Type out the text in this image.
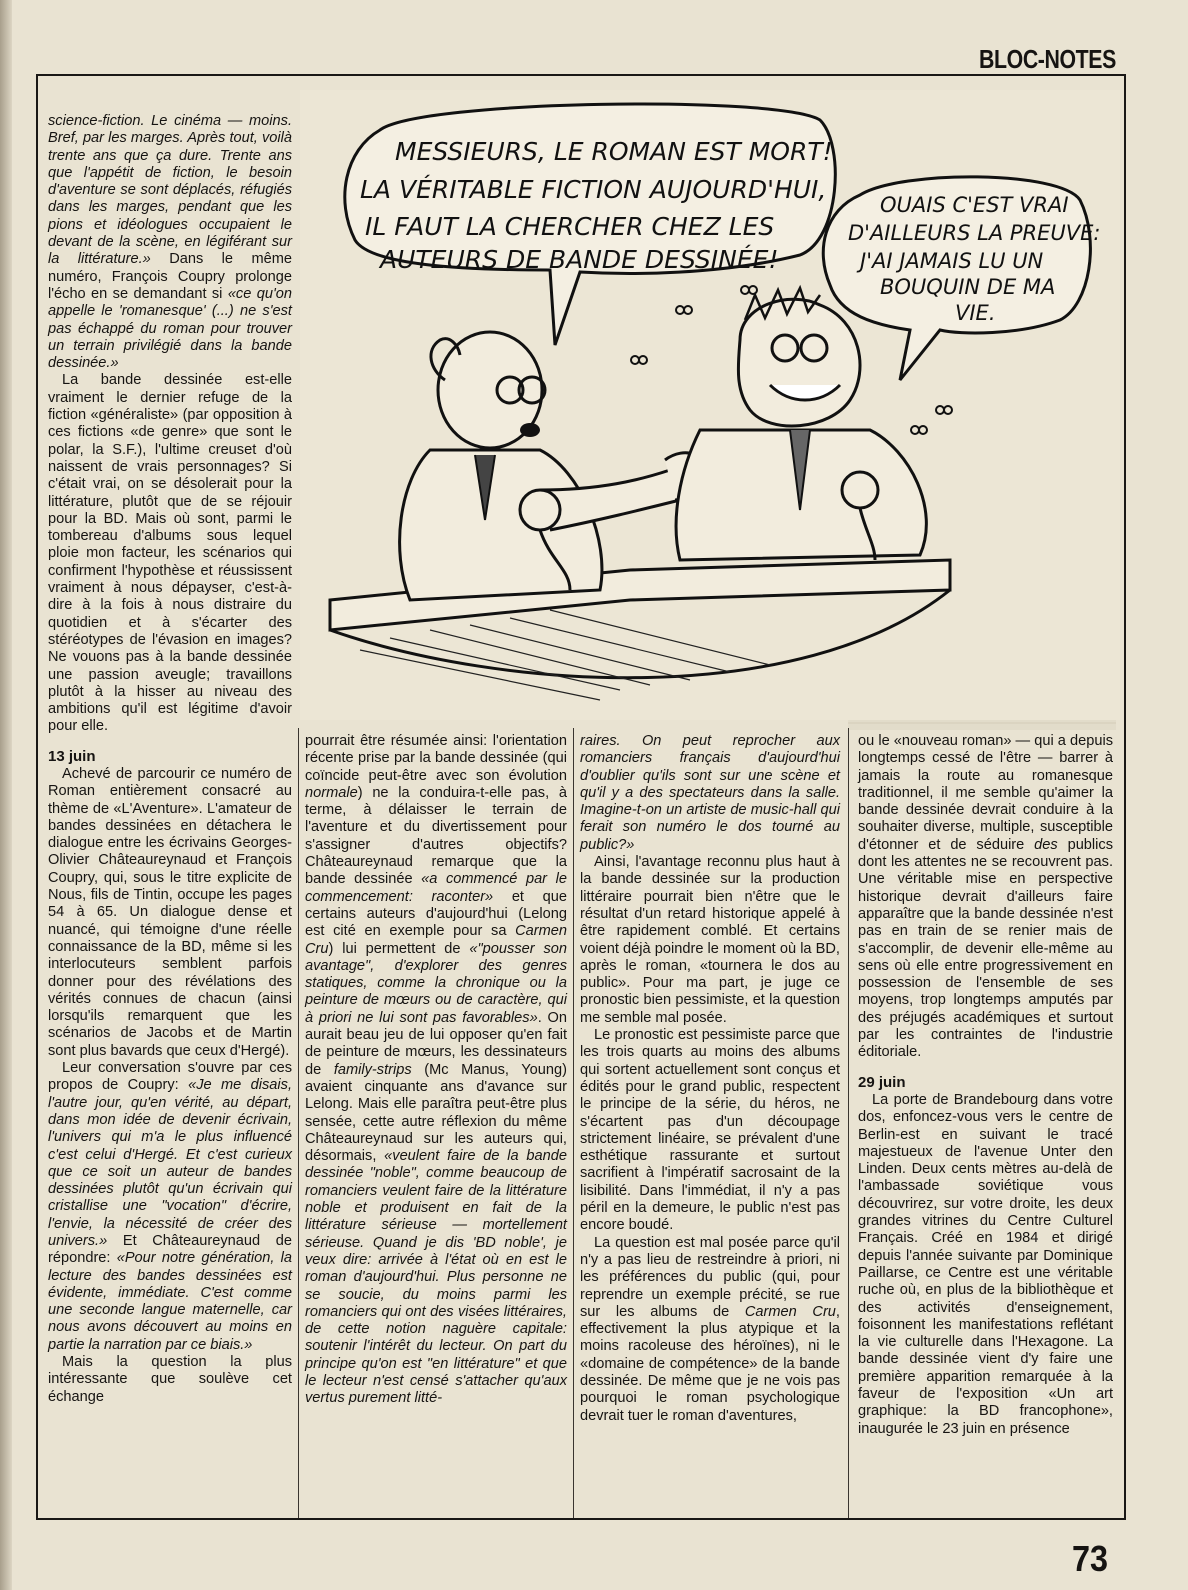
BLOC-NOTES

science-fiction. Le cinéma — moins. Bref, par les marges. Après tout, voilà trente ans que ça dure. Trente ans que l'appétit de fiction, le besoin d'aventure se sont déplacés, réfugiés dans les marges, pendant que les pions et idéologues occupaient le devant de la scène, en légiférant sur la littérature.» Dans le même numéro, François Coupry prolonge l'écho en se demandant si «ce qu'on appelle le 'romanesque' (...) ne s'est pas échappé du roman pour trouver un terrain privilégié dans la bande dessinée.»

La bande dessinée est-elle vraiment le dernier refuge de la fiction «généraliste» (par opposition à ces fictions «de genre» que sont le polar, la S.F.), l'ultime creuset d'où naissent de vrais personnages? Si c'était vrai, on se désolerait pour la littérature, plutôt que de se réjouir pour la BD. Mais où sont, parmi le tombereau d'albums sous lequel ploie mon facteur, les scénarios qui confirment l'hypothèse et réussissent vraiment à nous dépayser, c'est-à-dire à la fois à nous distraire du quotidien et à s'écarter des stéréotypes de l'évasion en images? Ne vouons pas à la bande dessinée une passion aveugle; travaillons plutôt à la hisser au niveau des ambitions qu'il est légitime d'avoir pour elle.

13 juin

Achevé de parcourir ce numéro de Roman entièrement consacré au thème de «L'Aventure». L'amateur de bandes dessinées en détachera le dialogue entre les écrivains Georges-Olivier Châteaureynaud et François Coupry, qui, sous le titre explicite de Nous, fils de Tintin, occupe les pages 54 à 65. Un dialogue dense et nuancé, qui témoigne d'une réelle connaissance de la BD, même si les interlocuteurs semblent parfois donner pour des révélations des vérités connues de chacun (ainsi lorsqu'ils remarquent que les scénarios de Jacobs et de Martin sont plus bavards que ceux d'Hergé).

Leur conversation s'ouvre par ces propos de Coupry: «Je me disais, l'autre jour, qu'en vérité, au départ, dans mon idée de devenir écrivain, l'univers qui m'a le plus influencé c'est celui d'Hergé. Et c'est curieux que ce soit un auteur de bandes dessinées plutôt qu'un écrivain qui cristallise une "vocation" d'écrire, l'envie, la nécessité de créer des univers.» Et Châteaureynaud de répondre: «Pour notre génération, la lecture des bandes dessinées est évidente, immédiate. C'est comme une seconde langue maternelle, car nous avons découvert au moins en partie la narration par ce biais.»

Mais la question la plus intéressante que soulève cet échange

MESSIEURS, LE ROMAN EST MORT!
LA VÉRITABLE FICTION AUJOURD'HUI,
IL FAUT LA CHERCHER CHEZ LES
AUTEURS DE BANDE DESSINÉE!
OUAIS C'EST VRAI
D'AILLEURS LA PREUVE:
J'AI JAMAIS LU UN
BOUQUIN DE MA
VIE.

pourrait être résumée ainsi: l'orientation récente prise par la bande dessinée (qui coïncide peut-être avec son évolution normale) ne la conduira-t-elle pas, à terme, à délaisser le terrain de l'aventure et du divertissement pour s'assigner d'autres objectifs? Châteaureynaud remarque que la bande dessinée «a commencé par le commencement: raconter» et que certains auteurs d'aujourd'hui (Lelong est cité en exemple pour sa Carmen Cru) lui permettent de «"pousser son avantage", d'explorer des genres statiques, comme la chronique ou la peinture de mœurs ou de caractère, qui à priori ne lui sont pas favorables». On aurait beau jeu de lui opposer qu'en fait de peinture de mœurs, les dessinateurs de family-strips (Mc Manus, Young) avaient cinquante ans d'avance sur Lelong. Mais elle paraîtra peut-être plus sensée, cette autre réflexion du même Châteaureynaud sur les auteurs qui, désormais, «veulent faire de la bande dessinée "noble", comme beaucoup de romanciers veulent faire de la littérature noble et produisent en fait de la littérature sérieuse — mortellement sérieuse. Quand je dis 'BD noble', je veux dire: arrivée à l'état où en est le roman d'aujourd'hui. Plus personne ne se soucie, du moins parmi les romanciers qui ont des visées littéraires, de cette notion naguère capitale: soutenir l'intérêt du lecteur. On part du principe qu'on est "en littérature" et que le lecteur n'est censé s'attacher qu'aux vertus purement litté-

raires. On peut reprocher aux romanciers français d'aujourd'hui d'oublier qu'ils sont sur une scène et qu'il y a des spectateurs dans la salle. Imagine-t-on un artiste de music-hall qui ferait son numéro le dos tourné au public?»

Ainsi, l'avantage reconnu plus haut à la bande dessinée sur la production littéraire pourrait bien n'être que le résultat d'un retard historique appelé à être rapidement comblé. Et certains voient déjà poindre le moment où la BD, après le roman, «tournera le dos au public». Pour ma part, je juge ce pronostic bien pessimiste, et la question me semble mal posée.

Le pronostic est pessimiste parce que les trois quarts au moins des albums qui sortent actuellement sont conçus et édités pour le grand public, respectent le principe de la série, du héros, ne s'écartent pas d'un découpage strictement linéaire, se prévalent d'une esthétique rassurante et surtout sacrifient à l'impératif sacrosaint de la lisibilité. Dans l'immédiat, il n'y a pas péril en la demeure, le public n'est pas encore boudé.

La question est mal posée parce qu'il n'y a pas lieu de restreindre à priori, ni les préférences du public (qui, pour reprendre un exemple précité, se rue sur les albums de Carmen Cru, effectivement la plus atypique et la moins racoleuse des héroïnes), ni le «domaine de compétence» de la bande dessinée. De même que je ne vois pas pourquoi le roman psychologique devrait tuer le roman d'aventures,

ou le «nouveau roman» — qui a depuis longtemps cessé de l'être — barrer à jamais la route au romanesque traditionnel, il me semble qu'aimer la bande dessinée devrait conduire à la souhaiter diverse, multiple, susceptible d'étonner et de séduire des publics dont les attentes ne se recouvrent pas. Une véritable mise en perspective historique devrait d'ailleurs faire apparaître que la bande dessinée n'est pas en train de se renier mais de s'accomplir, de devenir elle-même au sens où elle entre progressivement en possession de l'ensemble de ses moyens, trop longtemps amputés par des préjugés académiques et surtout par les contraintes de l'industrie éditoriale.

29 juin

La porte de Brandebourg dans votre dos, enfoncez-vous vers le centre de Berlin-est en suivant le tracé majestueux de l'avenue Unter den Linden. Deux cents mètres au-delà de l'ambassade soviétique vous découvrirez, sur votre droite, les deux grandes vitrines du Centre Culturel Français. Créé en 1984 et dirigé depuis l'année suivante par Dominique Paillarse, ce Centre est une véritable ruche où, en plus de la bibliothèque et des activités d'enseignement, foisonnent les manifestations reflétant la vie culturelle dans l'Hexagone. La bande dessinée vient d'y faire une première apparition remarquée à la faveur de l'exposition «Un art graphique: la BD francophone», inaugurée le 23 juin en présence

73
